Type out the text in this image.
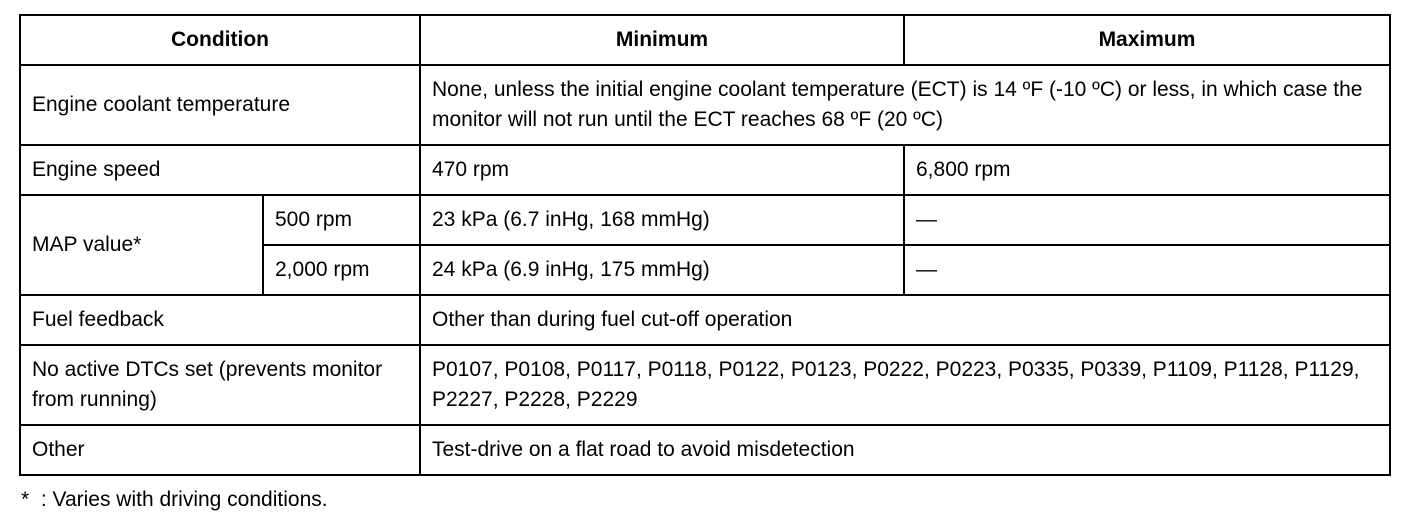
Condition		Minimum	Maximum
Engine coolant temperature		None, unless the initial engine coolant temperature (ECT) is 14 ºF (-10 ºC) or less, in which case the monitor will not run until the ECT reaches 68 ºF (20 ºC)	
Engine speed		470 rpm	6,800 rpm
MAP value*	500 rpm	23 kPa (6.7 inHg, 168 mmHg)	—
	2,000 rpm	24 kPa (6.9 inHg, 175 mmHg)	—
Fuel feedback		Other than during fuel cut-off operation	
No active DTCs set (prevents monitor from running)		P0107, P0108, P0117, P0118, P0122, P0123, P0222, P0223, P0335, P0339, P1109, P1128, P1129, P2227, P2228, P2229	
Other		Test-drive on a flat road to avoid misdetection	
*  : Varies with driving conditions.
